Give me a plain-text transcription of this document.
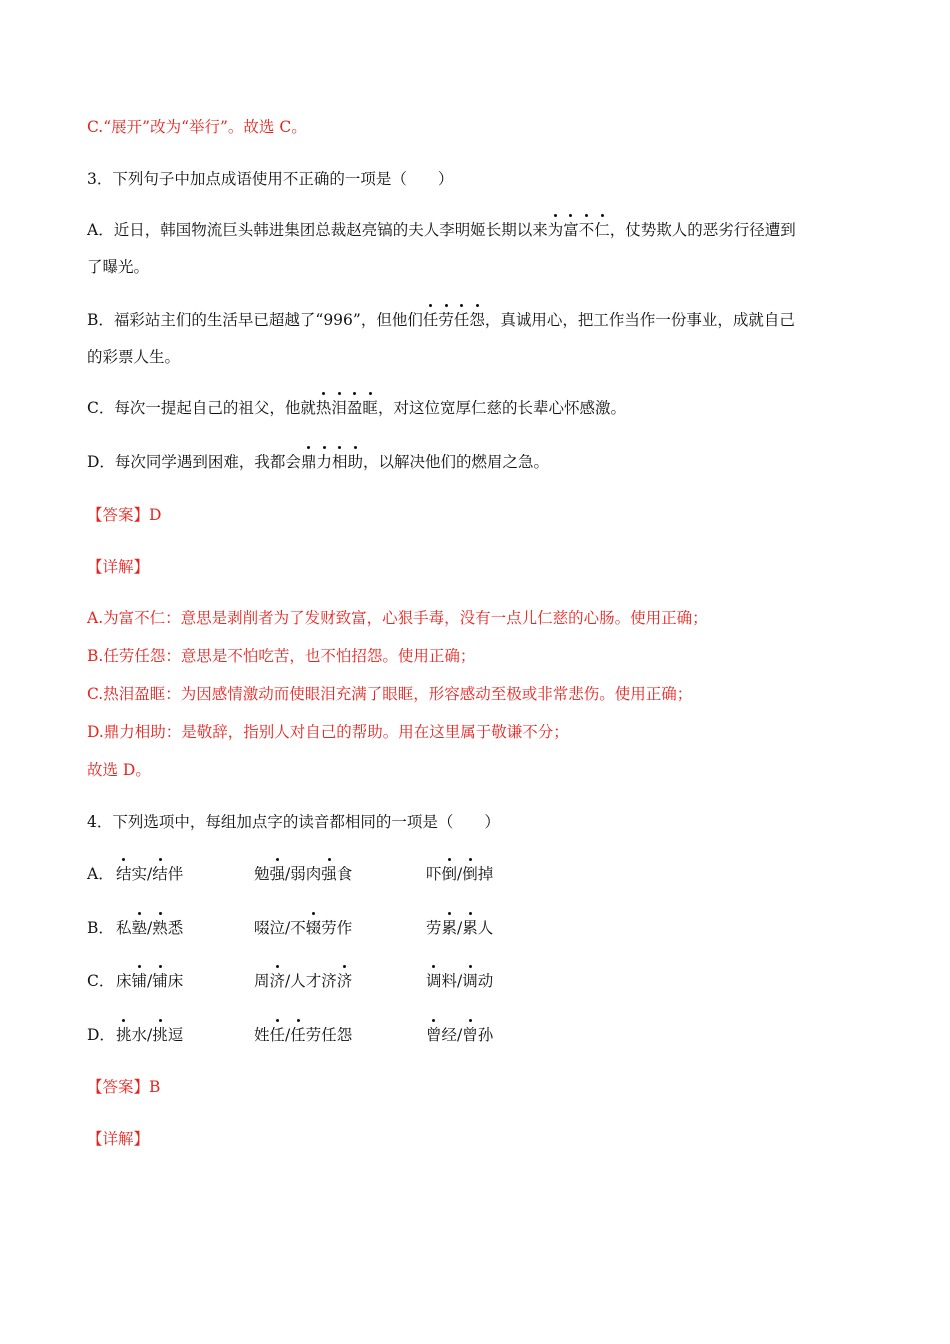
C.“展开”改为“举行”。故选 C。
3．下列句子中加点成语使用不正确的一项是（　　）
A．近日，韩国物流巨头韩进集团总裁赵亮镐的夫人李明姬长期以来为富不仁，仗势欺人的恶劣行径遭到
了曝光。
B．福彩站主们的生活早已超越了“996”，但他们任劳任怨，真诚用心，把工作当作一份事业，成就自己
的彩票人生。
C．每次一提起自己的祖父，他就热泪盈眶，对这位宽厚仁慈的长辈心怀感激。
D．每次同学遇到困难，我都会鼎力相助，以解决他们的燃眉之急。
【答案】D
【详解】
A.为富不仁：意思是剥削者为了发财致富，心狠手毒，没有一点儿仁慈的心肠。使用正确；
B.任劳任怨：意思是不怕吃苦，也不怕招怨。使用正确；
C.热泪盈眶：为因感情激动而使眼泪充满了眼眶，形容感动至极或非常悲伤。使用正确；
D.鼎力相助：是敬辞，指别人对自己的帮助。用在这里属于敬谦不分；
故选 D。
4．下列选项中，每组加点字的读音都相同的一项是（　　）
A． 结实/结伴	勉强/弱肉强食	吓倒/倒掉
B． 私塾/熟悉	啜泣/不辍劳作	劳累/累人
C． 床铺/铺床	周济/人才济济	调料/调动
D． 挑水/挑逗	姓任/任劳任怨	曾经/曾孙
【答案】B
【详解】
